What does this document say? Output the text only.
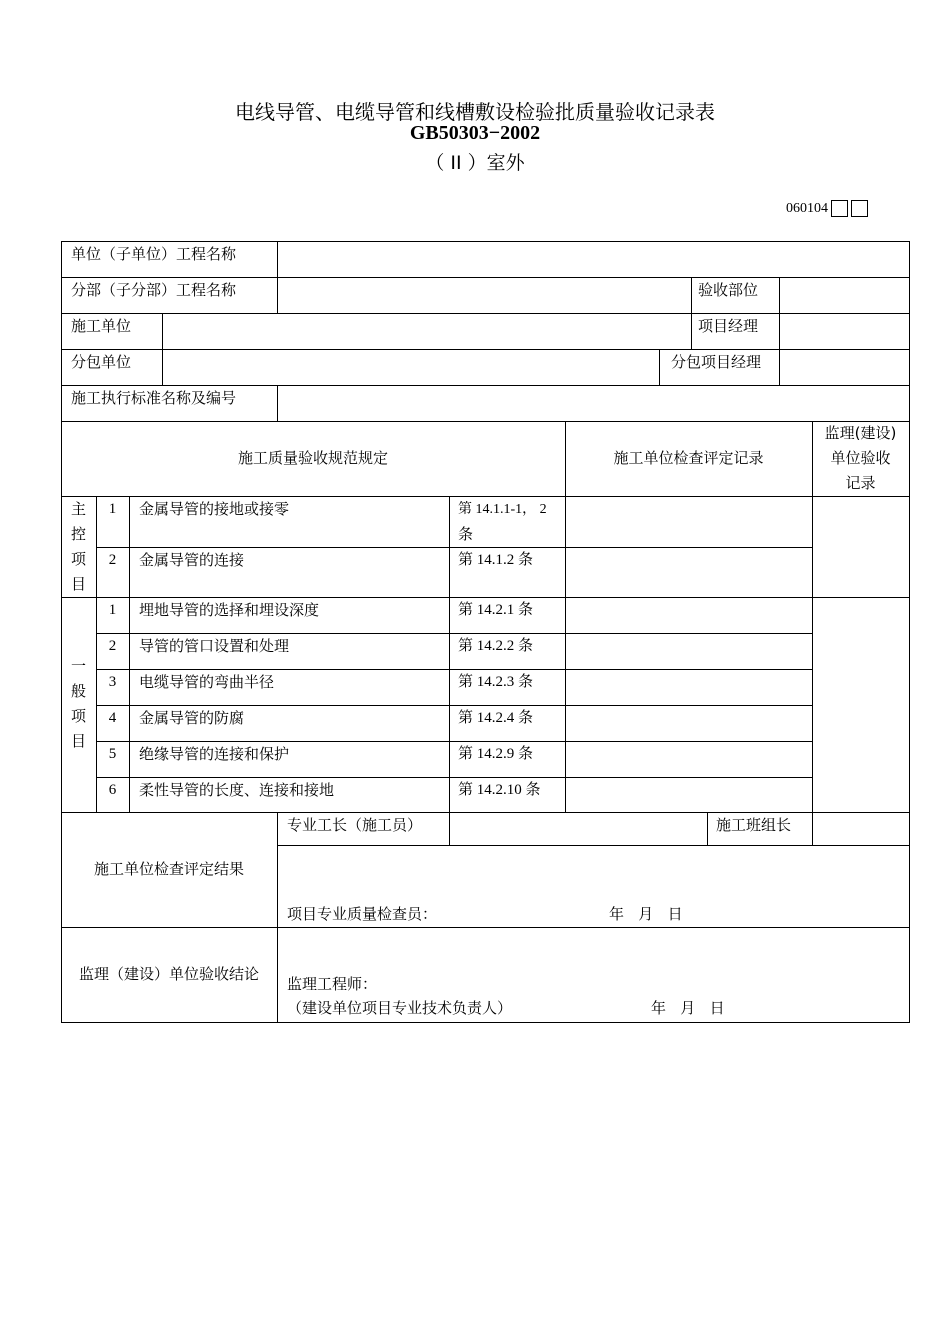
电线导管、电缆导管和线槽敷设检验批质量验收记录表
GB50303−2002
（ II ）室外
060104
单位（子单位）工程名称
分部（子分部）工程名称	验收部位
施工单位	项目经理
分包单位	分包项目经理
施工执行标准名称及编号
施工质量验收规范规定	施工单位检查评定记录
监理(建设)
单位验收
记录
主
控
项
目
1	金属导管的接地或接零	第 14.1.1-1， 2
条
2	金属导管的连接	第 14.1.2 条
一
般
项
目
1	埋地导管的选择和埋设深度	第 14.2.1 条
2	导管的管口设置和处理	第 14.2.2 条
3	电缆导管的弯曲半径	第 14.2.3 条
4	金属导管的防腐	第 14.2.4 条
5	绝缘导管的连接和保护	第 14.2.9 条
6	柔性导管的长度、连接和接地	第 14.2.10 条
施工单位检查评定结果
专业工长（施工员）	施工班组长
项目专业质量检查员：	年   月   日
监理（建设）单位验收结论
监理工程师：
（建设单位项目专业技术负责人）	年   月   日
